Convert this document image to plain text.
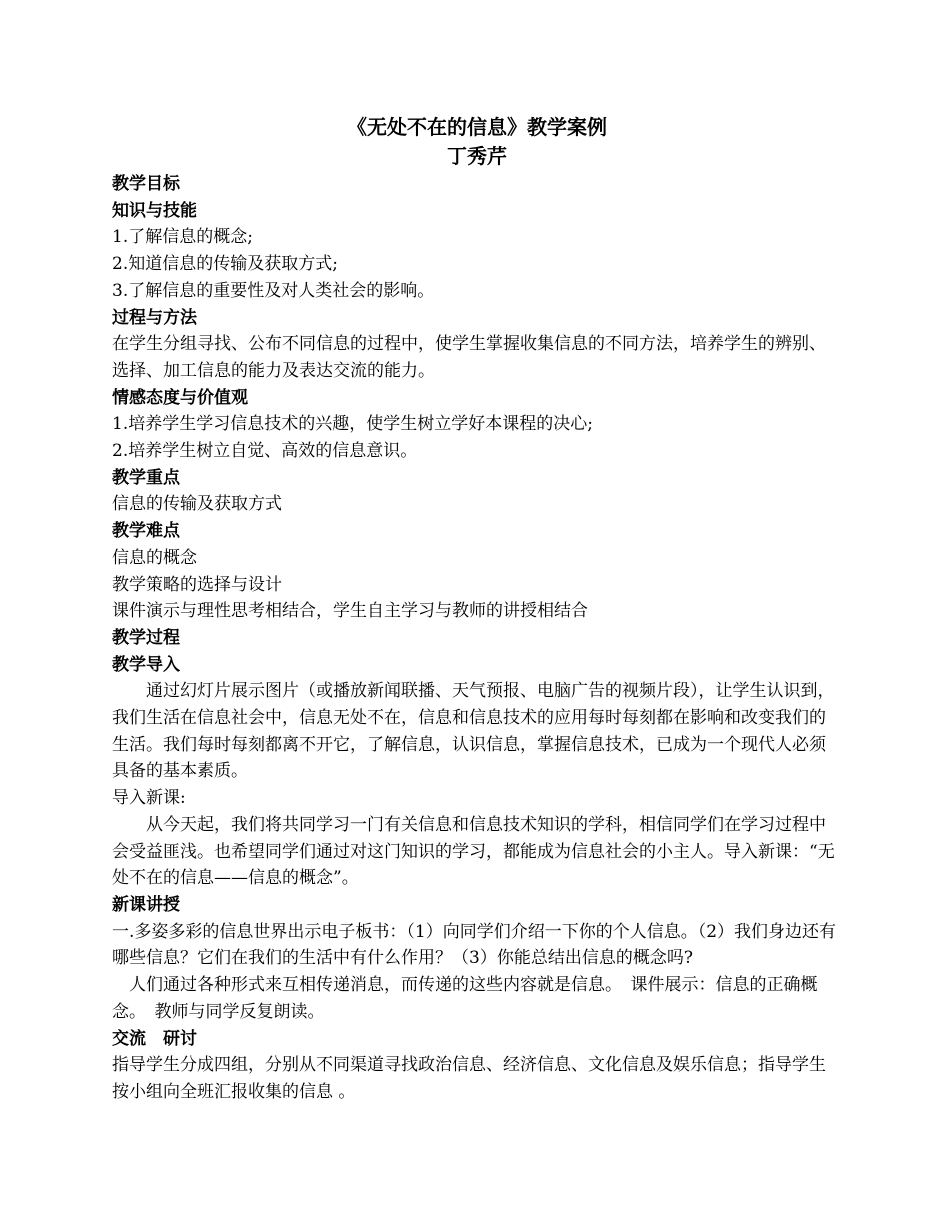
《无处不在的信息》教学案例

丁秀芹

教学目标

知识与技能

1.了解信息的概念;

2.知道信息的传输及获取方式;

3.了解信息的重要性及对人类社会的影响。

过程与方法

在学生分组寻找、公布不同信息的过程中，使学生掌握收集信息的不同方法，培养学生的辨别、选择、加工信息的能力及表达交流的能力。

情感态度与价值观

1.培养学生学习信息技术的兴趣，使学生树立学好本课程的决心;

2.培养学生树立自觉、高效的信息意识。

教学重点

信息的传输及获取方式

教学难点

信息的概念

教学策略的选择与设计

课件演示与理性思考相结合，学生自主学习与教师的讲授相结合

教学过程

教学导入

通过幻灯片展示图片（或播放新闻联播、天气预报、电脑广告的视频片段），让学生认识到，我们生活在信息社会中，信息无处不在，信息和信息技术的应用每时每刻都在影响和改变我们的生活。我们每时每刻都离不开它，了解信息，认识信息，掌握信息技术，已成为一个现代人必须具备的基本素质。

导入新课:

从今天起，我们将共同学习一门有关信息和信息技术知识的学科，相信同学们在学习过程中会受益匪浅。也希望同学们通过对这门知识的学习，都能成为信息社会的小主人。导入新课：“无处不在的信息——信息的概念”。

新课讲授

一.多姿多彩的信息世界出示电子板书：（1）向同学们介绍一下你的个人信息。（2）我们身边还有哪些信息？它们在我们的生活中有什么作用？（3）你能总结出信息的概念吗?

人们通过各种形式来互相传递消息，而传递的这些内容就是信息。　课件展示：信息的正确概念。　教师与同学反复朗读。

交流　研讨

指导学生分成四组，分别从不同渠道寻找政治信息、经济信息、文化信息及娱乐信息；指导学生按小组向全班汇报收集的信息 。
